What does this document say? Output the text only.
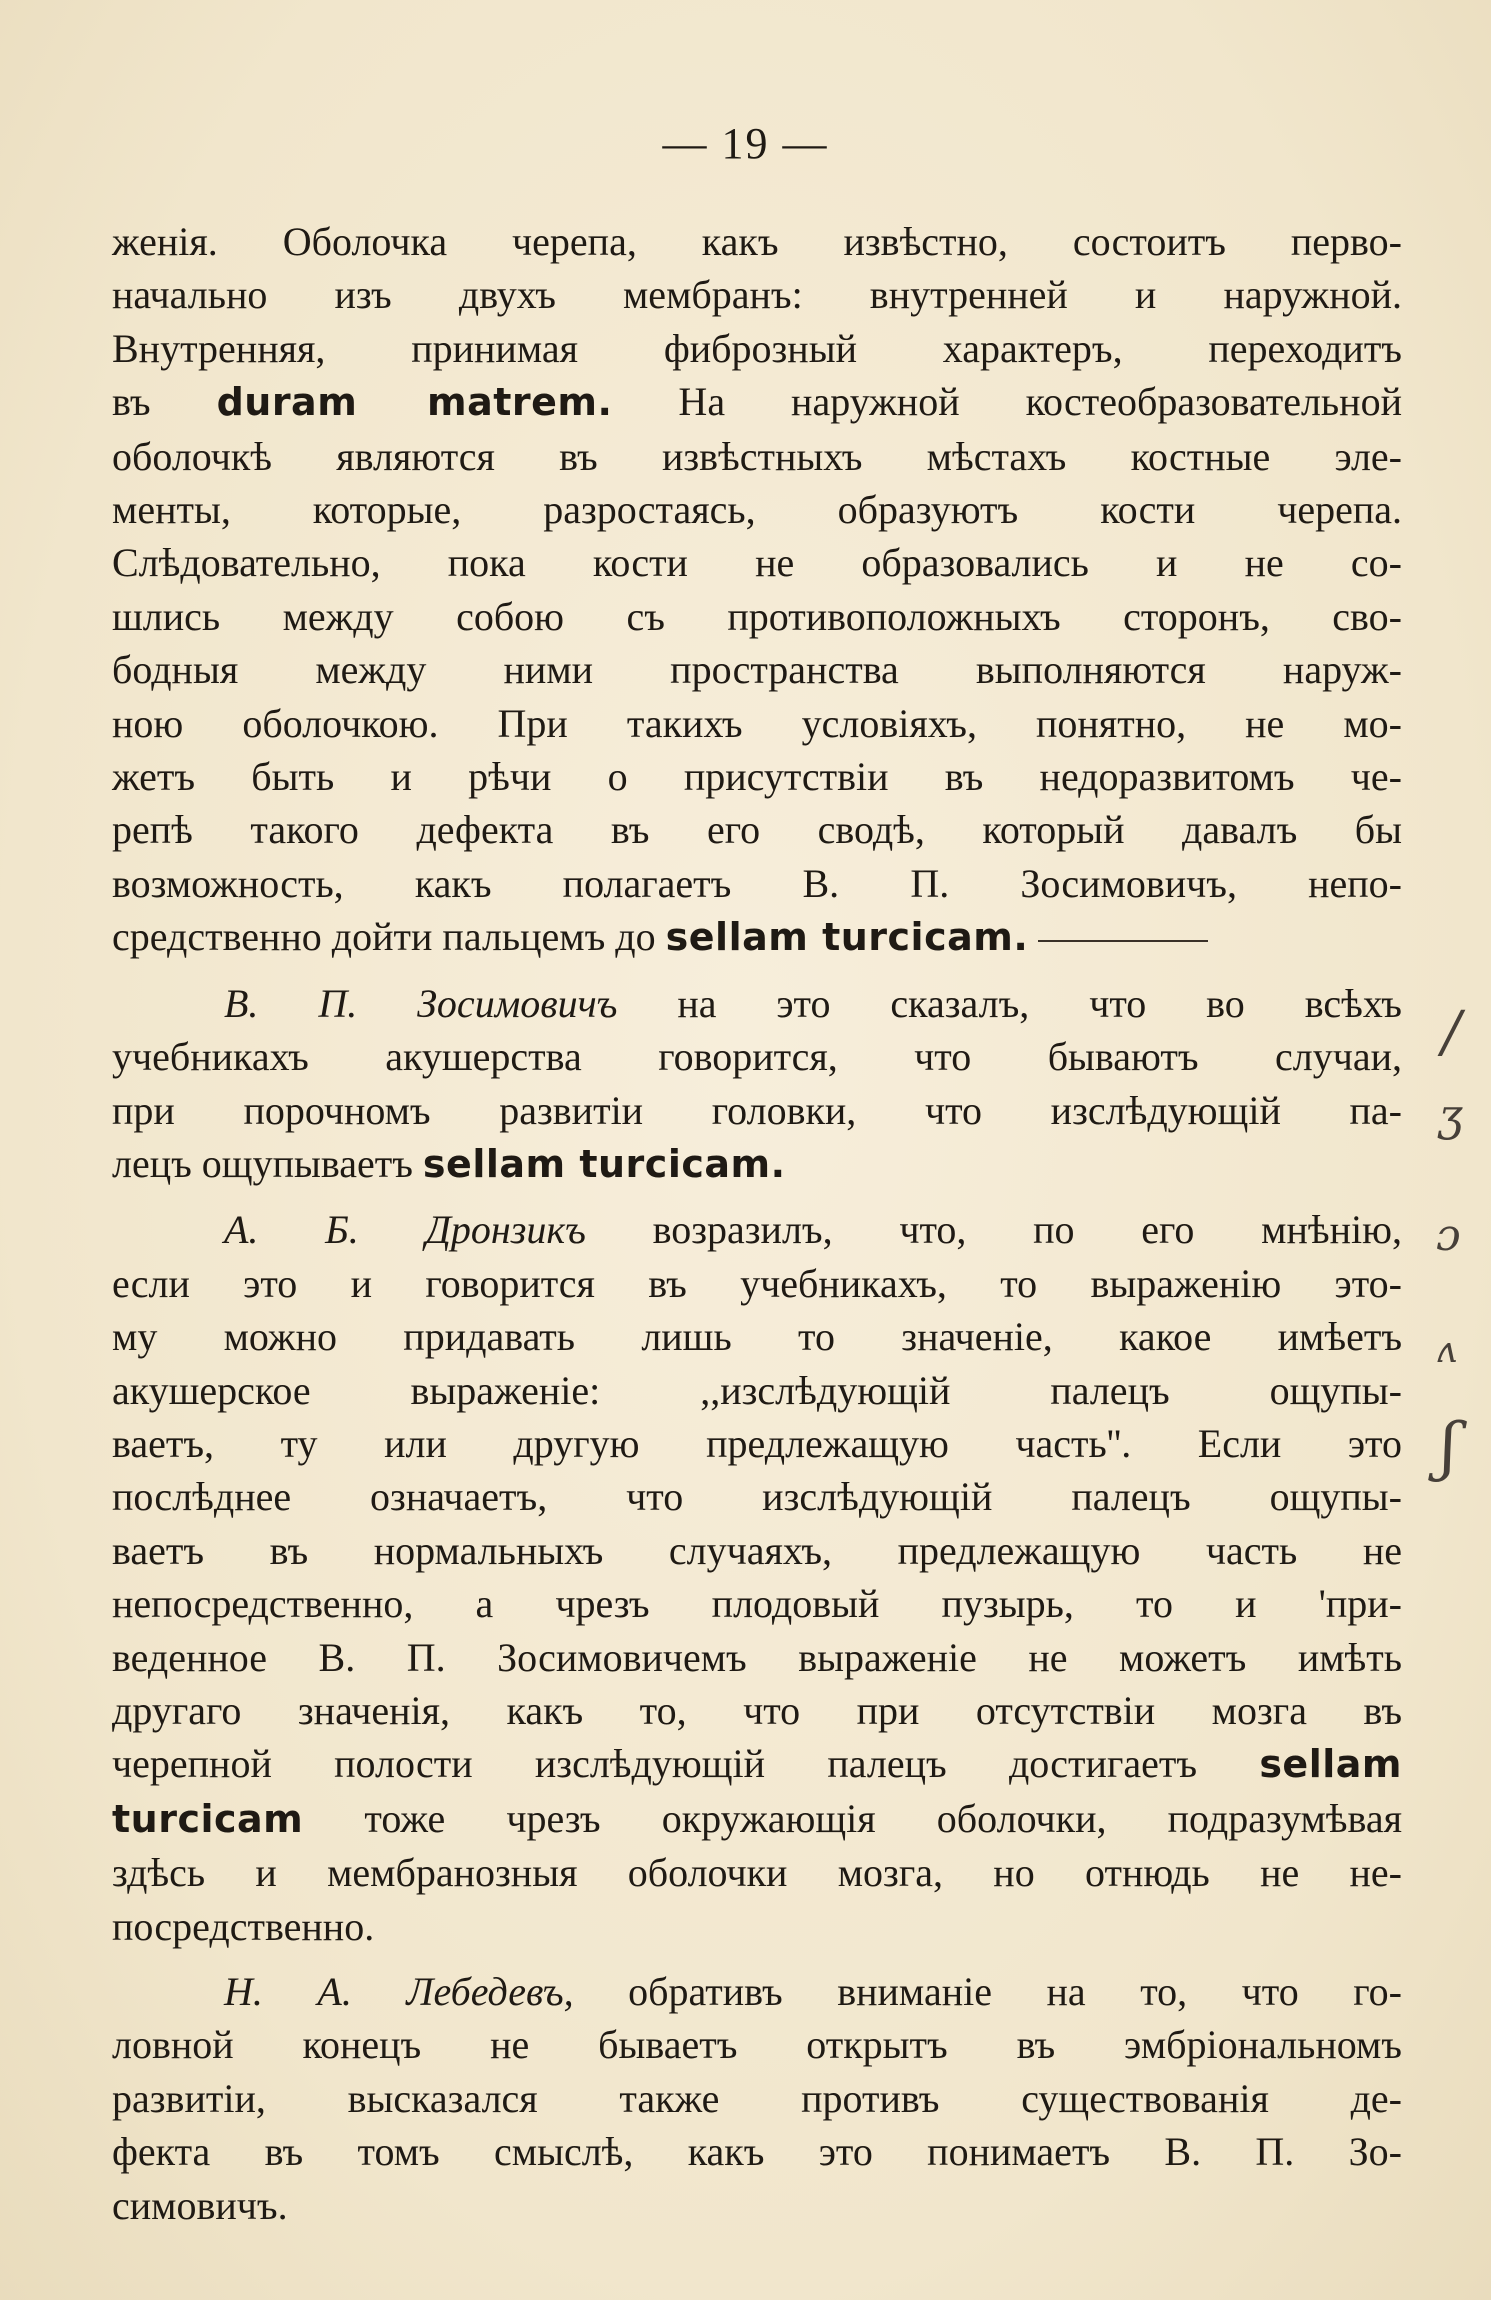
— 19 —
женія. Оболочка черепа, какъ извѣстно, состоитъ перво-
начально изъ двухъ мембранъ: внутренней и наружной.
Внутренняя, принимая фиброзный характеръ, переходитъ
въ duram matrem. На наружной костеобразовательной
оболочкѣ являются въ извѣстныхъ мѣстахъ костные эле-
менты, которые, разростаясь, образуютъ кости черепа.
Слѣдовательно, пока кости не образовались и не со-
шлись между собою съ противоположныхъ сторонъ, сво-
бодныя между ними пространства выполняются наруж-
ною оболочкою. При такихъ условіяхъ, понятно, не мо-
жетъ быть и рѣчи о присутствіи въ недоразвитомъ че-
репѣ такого дефекта въ его сводѣ, который давалъ бы
возможность, какъ полагаетъ В. П. Зосимовичъ, непо-
средственно дойти пальцемъ до sellam turcicam.
В. П. Зосимовичъ на это сказалъ, что во всѣхъ
учебникахъ акушерства говорится, что бываютъ случаи,
при порочномъ развитіи головки, что изслѣдующій па-
лецъ ощупываетъ sellam turcicam.
А. Б. Дронзикъ возразилъ, что, по его мнѣнію,
если это и говорится въ учебникахъ, то выраженію это-
му можно придавать лишь то значеніе, какое имѣетъ
акушерское выраженіе: ,,изслѣдующій палецъ ощупы-
ваетъ, ту или другую предлежащую часть''. Если это
послѣднее означаетъ, что изслѣдующій палецъ ощупы-
ваетъ въ нормальныхъ случаяхъ, предлежащую часть не
непосредственно, а чрезъ плодовый пузырь, то и 'при-
веденное В. П. Зосимовичемъ выраженіе не можетъ имѣть
другаго значенія, какъ то, что при отсутствіи мозга въ
черепной полости изслѣдующій палецъ достигаетъ sellam
turcicam тоже чрезъ окружающія оболочки, подразумѣвая
здѣсь и мембранозныя оболочки мозга, но отнюдь не не-
посредственно.
Н. А. Лебедевъ, обративъ вниманіе на то, что го-
ловной конецъ не бываетъ открытъ въ эмбріональномъ
развитіи, высказался также противъ существованія де-
фекта въ томъ смыслѣ, какъ это понимаетъ В. П. Зо-
симовичъ.
/
ʒ
ɔ
ʌ
ʃ
